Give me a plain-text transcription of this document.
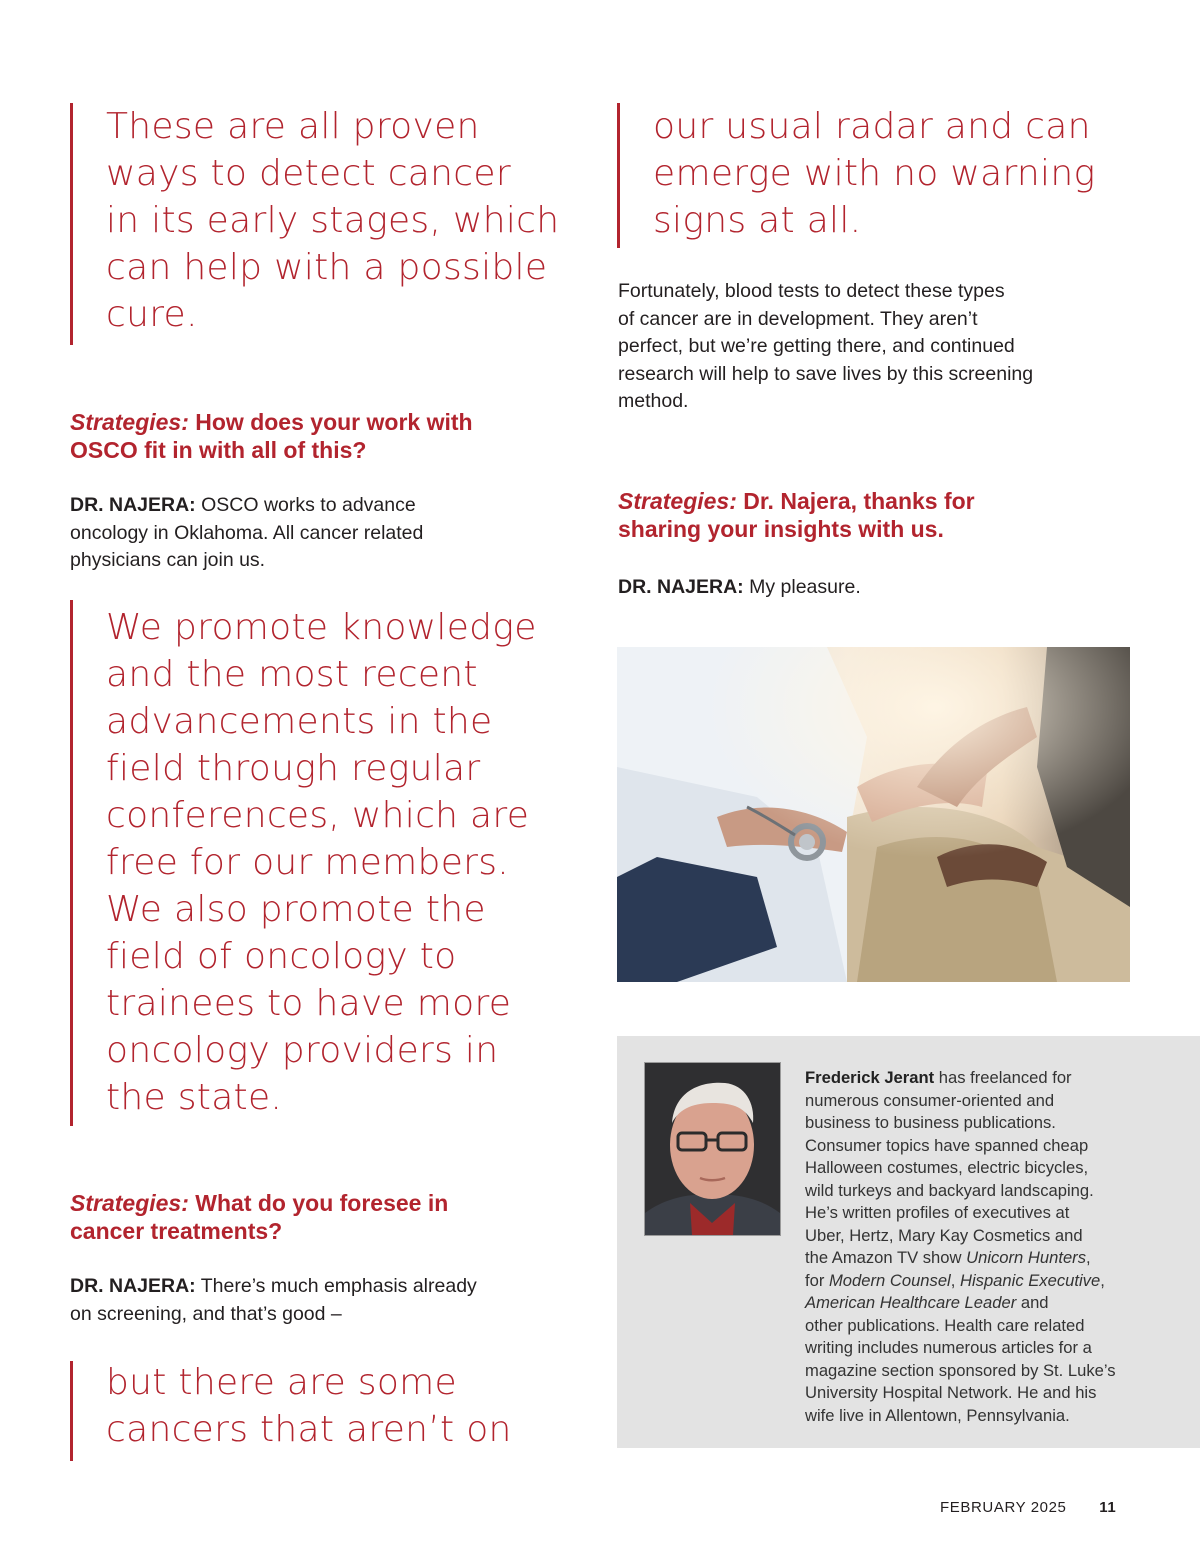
These are all proven
ways to detect cancer
in its early stages, which
can help with a possible
cure.
Strategies: How does your work with
OSCO fit in with all of this?
DR. NAJERA: OSCO works to advance
oncology in Oklahoma. All cancer related
physicians can join us.
We promote knowledge
and the most recent
advancements in the
field through regular
conferences, which are
free for our members.
We also promote the
field of oncology to
trainees to have more
oncology providers in
the state.
Strategies: What do you foresee in
cancer treatments?
DR. NAJERA: There’s much emphasis already
on screening, and that’s good –
but there are some
cancers that aren’t on
our usual radar and can
emerge with no warning
signs at all.
Fortunately, blood tests to detect these types
of cancer are in development. They aren’t
perfect, but we’re getting there, and continued
research will help to save lives by this screening
method.
Strategies: Dr. Najera, thanks for
sharing your insights with us.
DR. NAJERA: My pleasure.
Frederick Jerant has freelanced for
numerous consumer-oriented and
business to business publications.
Consumer topics have spanned cheap
Halloween costumes, electric bicycles,
wild turkeys and backyard landscaping.
He’s written profiles of executives at
Uber, Hertz, Mary Kay Cosmetics and
the Amazon TV show Unicorn Hunters,
for Modern Counsel, Hispanic Executive,
American Healthcare Leader and
other publications. Health care related
writing includes numerous articles for a
magazine section sponsored by St. Luke’s
University Hospital Network. He and his
wife live in Allentown, Pennsylvania.
FEBRUARY 2025 11
